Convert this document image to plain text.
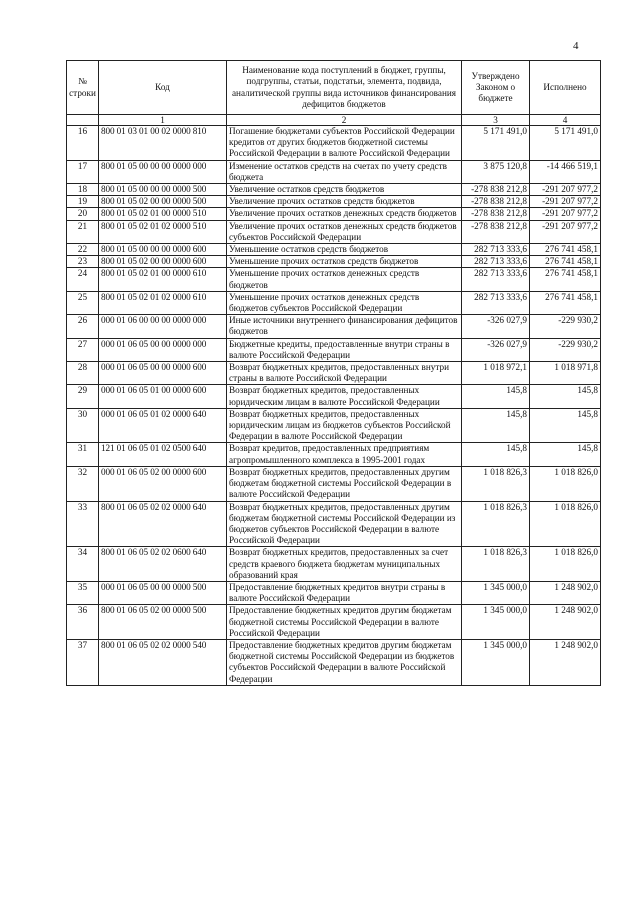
4
№ строки	Код	Наименование кода поступлений в бюджет, группы, подгруппы, статьи, подстатьи, элемента, подвида, аналитической группы вида источников финансирования дефицитов бюджетов	Утверждено Законом о бюджете	Исполнено
	1	2	3	4
16	800 01 03 01 00 02 0000 810	Погашение бюджетами субъектов Российской Федерации кредитов от других бюджетов бюджетной системы Российской Федерации в валюте Российской Федерации	5 171 491,0	5 171 491,0
17	800 01 05 00 00 00 0000 000	Изменение остатков средств на счетах по учету средств бюджета	3 875 120,8	-14 466 519,1
18	800 01 05 00 00 00 0000 500	Увеличение остатков средств бюджетов	-278 838 212,8	-291 207 977,2
19	800 01 05 02 00 00 0000 500	Увеличение прочих остатков средств бюджетов	-278 838 212,8	-291 207 977,2
20	800 01 05 02 01 00 0000 510	Увеличение прочих остатков денежных средств бюджетов	-278 838 212,8	-291 207 977,2
21	800 01 05 02 01 02 0000 510	Увеличение прочих остатков денежных средств бюджетов субъектов Российской Федерации	-278 838 212,8	-291 207 977,2
22	800 01 05 00 00 00 0000 600	Уменьшение остатков средств бюджетов	282 713 333,6	276 741 458,1
23	800 01 05 02 00 00 0000 600	Уменьшение прочих остатков средств бюджетов	282 713 333,6	276 741 458,1
24	800 01 05 02 01 00 0000 610	Уменьшение прочих остатков денежных средств бюджетов	282 713 333,6	276 741 458,1
25	800 01 05 02 01 02 0000 610	Уменьшение прочих остатков денежных средств бюджетов субъектов Российской Федерации	282 713 333,6	276 741 458,1
26	000 01 06 00 00 00 0000 000	Иные источники внутреннего финансирования дефицитов бюджетов	-326 027,9	-229 930,2
27	000 01 06 05 00 00 0000 000	Бюджетные кредиты, предоставленные внутри страны в валюте Российской Федерации	-326 027,9	-229 930,2
28	000 01 06 05 00 00 0000 600	Возврат бюджетных кредитов, предоставленных внутри страны в валюте Российской Федерации	1 018 972,1	1 018 971,8
29	000 01 06 05 01 00 0000 600	Возврат бюджетных кредитов, предоставленных юридическим лицам в валюте Российской Федерации	145,8	145,8
30	000 01 06 05 01 02 0000 640	Возврат бюджетных кредитов, предоставленных юридическим лицам из бюджетов субъектов Российской Федерации в валюте Российской Федерации	145,8	145,8
31	121 01 06 05 01 02 0500 640	Возврат кредитов, предоставленных предприятиям агропромышленного комплекса в 1995-2001 годах	145,8	145,8
32	000 01 06 05 02 00 0000 600	Возврат бюджетных кредитов, предоставленных другим бюджетам бюджетной системы Российской Федерации в валюте Российской Федерации	1 018 826,3	1 018 826,0
33	800 01 06 05 02 02 0000 640	Возврат бюджетных кредитов, предоставленных другим бюджетам бюджетной системы Российской Федерации из бюджетов субъектов Российской Федерации в валюте Российской Федерации	1 018 826,3	1 018 826,0
34	800 01 06 05 02 02 0600 640	Возврат бюджетных кредитов, предоставленных за счет средств краевого бюджета бюджетам муниципальных образований края	1 018 826,3	1 018 826,0
35	000 01 06 05 00 00 0000 500	Предоставление бюджетных кредитов внутри страны в валюте Российской Федерации	1 345 000,0	1 248 902,0
36	800 01 06 05 02 00 0000 500	Предоставление бюджетных кредитов другим бюджетам бюджетной системы Российской Федерации в валюте Российской Федерации	1 345 000,0	1 248 902,0
37	800 01 06 05 02 02 0000 540	Предоставление бюджетных кредитов другим бюджетам бюджетной системы Российской Федерации из бюджетов субъектов Российской Федерации в валюте Российской Федерации	1 345 000,0	1 248 902,0
